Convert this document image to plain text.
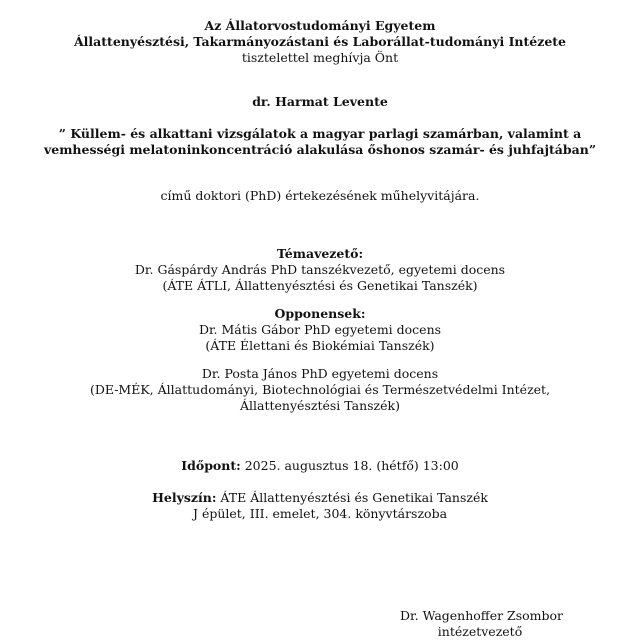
Az Állatorvostudományi Egyetem
Állattenyésztési, Takarmányozástani és Laborállat-tudományi Intézete
tisztelettel meghívja Önt
dr. Harmat Levente
” Küllem- és alkattani vizsgálatok a magyar parlagi szamárban, valamint a
vemhességi melatoninkoncentráció alakulása őshonos szamár- és juhfajtában”
című doktori (PhD) értekezésének műhelyvitájára.
Témavezető:
Dr. Gáspárdy András PhD tanszékvezető, egyetemi docens
(ÁTE ÁTLI, Állattenyésztési és Genetikai Tanszék)
Opponensek:
Dr. Mátis Gábor PhD egyetemi docens
(ÁTE Élettani és Biokémiai Tanszék)
Dr. Posta János PhD egyetemi docens
(DE-MÉK, Állattudományi, Biotechnológiai és Természetvédelmi Intézet,
Állattenyésztési Tanszék)
Időpont: 2025. augusztus 18. (hétfő) 13:00
Helyszín: ÁTE Állattenyésztési és Genetikai Tanszék
J épület, III. emelet, 304. könyvtárszoba
Dr. Wagenhoffer Zsombor
intézetvezető
